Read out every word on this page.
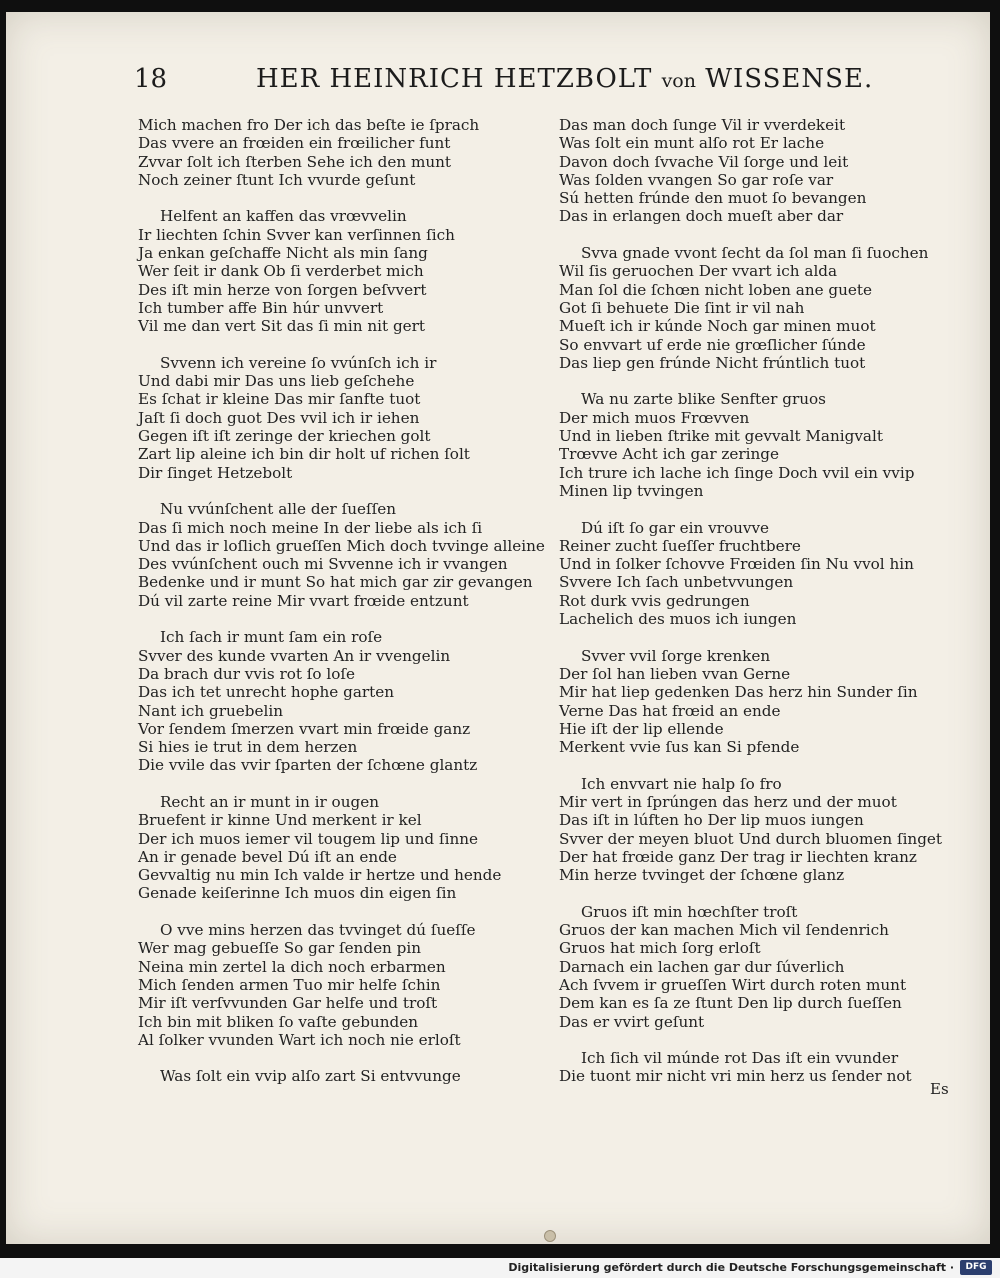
18	HER HEINRICH HETZBOLT von WISSENSE.
Mich machen fro Der ich das beſte ie ſprach
Das vvere an frœiden ein frœilicher funt
Zvvar ſolt ich ſterben Sehe ich den munt
Noch zeiner ſtunt Ich vvurde geſunt
Helfent an kaffen das vrœvvelin
Ir liechten ſchin Svver kan verſinnen ſich
Ja enkan geſchaffe Nicht als min ſang
Wer ſeit ir dank Ob ſi verderbet mich
Des iſt min herze von ſorgen beſvvert
Ich tumber affe Bin húr unvvert
Vil me dan vert Sit das ſi min nit gert
Svvenn ich vereine ſo vvúnſch ich ir
Und dabi mir Das uns lieb geſchehe
Es ſchat ir kleine Das mir ſanfte tuot
Jaſt ſi doch guot Des vvil ich ir iehen
Gegen iſt iſt zeringe der kriechen golt
Zart lip aleine ich bin dir holt uf richen ſolt
Dir ſinget Hetzebolt
Nu vvúnſchent alle der ſueſſen
Das ſi mich noch meine In der liebe als ich ſi
Und das ir loſlich grueſſen Mich doch tvvinge alleine
Des vvúnſchent ouch mi Svvenne ich ir vvangen
Bedenke und ir munt So hat mich gar zir gevangen
Dú vil zarte reine Mir vvart frœide entzunt
Ich ſach ir munt ſam ein roſe
Svver des kunde vvarten An ir vvengelin
Da brach dur vvis rot ſo loſe
Das ich tet unrecht hophe garten
Nant ich gruebelin
Vor ſendem ſmerzen vvart min frœide ganz
Si hies ie trut in dem herzen
Die vvile das vvir ſparten der ſchœne glantz
Recht an ir munt in ir ougen
Bruefent ir kinne Und merkent ir kel
Der ich muos iemer vil tougem lip und ſinne
An ir genade bevel Dú iſt an ende
Gevvaltig nu min Ich valde ir hertze und hende
Genade keiſerinne Ich muos din eigen ſin
O vve mins herzen das tvvinget dú ſueſſe
Wer mag gebueſſe So gar ſenden pin
Neina min zertel la dich noch erbarmen
Mich ſenden armen Tuo mir helfe ſchin
Mir iſt verſvvunden Gar helfe und troſt
Ich bin mit bliken ſo vaſte gebunden
Al ſolker vvunden Wart ich noch nie erloſt
Was ſolt ein vvip alſo zart Si entvvunge
Das man doch ſunge Vil ir vverdekeit
Was ſolt ein munt alſo rot Er lache
Davon doch ſvvache Vil ſorge und leit
Was ſolden vvangen So gar roſe var
Sú hetten frúnde den muot ſo bevangen
Das in erlangen doch mueſt aber dar
Svva gnade vvont ſecht da ſol man ſi ſuochen
Wil ſis geruochen Der vvart ich alda
Man ſol die ſchœn nicht loben ane guete
Got ſi behuete Die ſint ir vil nah
Mueſt ich ir kúnde Noch gar minen muot
So envvart uf erde nie grœſlicher ſúnde
Das liep gen frúnde Nicht frúntlich tuot
Wa nu zarte blike Senfter gruos
Der mich muos Frœvven
Und in lieben ſtrike mit gevvalt Manigvalt
Trœvve Acht ich gar zeringe
Ich trure ich lache ich ſinge Doch vvil ein vvip
Minen lip tvvingen
Dú iſt ſo gar ein vrouvve
Reiner zucht ſueſſer fruchtbere
Und in ſolker ſchovve Frœiden ſin Nu vvol hin
Svvere Ich ſach unbetvvungen
Rot durk vvis gedrungen
Lachelich des muos ich iungen
Svver vvil ſorge krenken
Der ſol han lieben vvan Gerne
Mir hat liep gedenken Das herz hin Sunder ſin
Verne Das hat frœid an ende
Hie iſt der lip ellende
Merkent vvie ſus kan Si pfende
Ich envvart nie halp ſo fro
Mir vert in ſprúngen das herz und der muot
Das iſt in lúften ho Der lip muos iungen
Svver der meyen bluot Und durch bluomen ſinget
Der hat frœide ganz Der trag ir liechten kranz
Min herze tvvinget der ſchœne glanz
Gruos iſt min hœchſter troſt
Gruos der kan machen Mich vil ſendenrich
Gruos hat mich ſorg erloſt
Darnach ein lachen gar dur ſúverlich
Ach ſvvem ir grueſſen Wirt durch roten munt
Dem kan es ſa ze ſtunt Den lip durch ſueſſen
Das er vvirt geſunt
Ich ſich vil múnde rot Das iſt ein vvunder
Die tuont mir nicht vri min herz us ſender not
Es
Digitalisierung gefördert durch die Deutsche Forschungsgemeinschaft ·	DFG
